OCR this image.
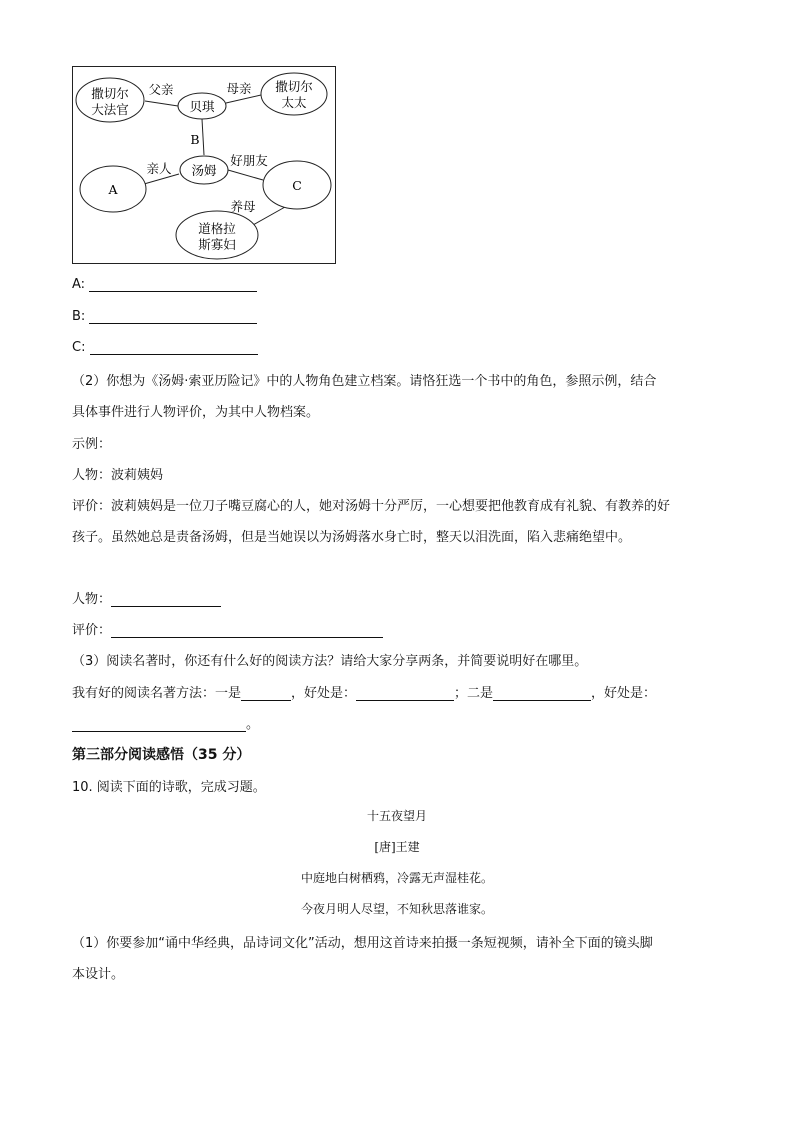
撒切尔
大法官	贝琪
撒切尔
太太
汤姆
A	C
道格拉
斯寡妇
父亲	母亲
B
亲人
好朋友
养母
A:
B:
C:
（2）你想为《汤姆·索亚历险记》中的人物角色建立档案。请恪狂选一个书中的角色，参照示例，结合
具体事件进行人物评价，为其中人物档案。
示例：
人物：波莉姨妈
评价：波莉姨妈是一位刀子嘴豆腐心的人，她对汤姆十分严厉，一心想要把他教育成有礼貌、有教养的好
孩子。虽然她总是责备汤姆，但是当她误以为汤姆落水身亡时，整天以泪洗面，陷入悲痛绝望中。
人物：
评价：
（3）阅读名著时，你还有什么好的阅读方法？请给大家分享两条，并简要说明好在哪里。
我有好的阅读名著方法：一是	，好处是：	；二是	，好处是：
。
第三部分阅读感悟（35 分）
10. 阅读下面的诗歌，完成习题。
十五夜望月
[唐]王建
中庭地白树栖鸦，冷露无声湿桂花。
今夜月明人尽望，不知秋思落谁家。
（1）你要参加“诵中华经典，品诗词文化”活动，想用这首诗来拍摄一条短视频，请补全下面的镜头脚
本设计。
